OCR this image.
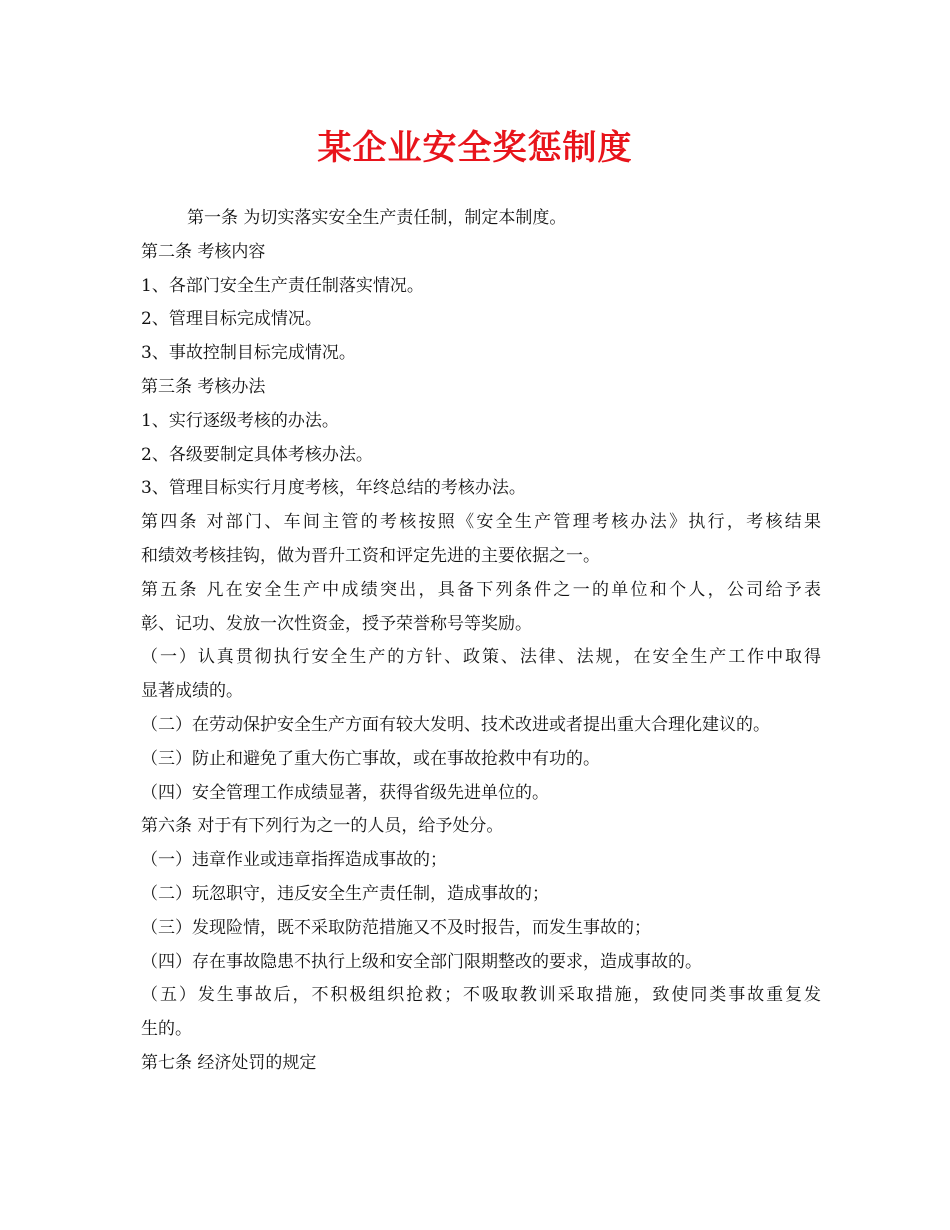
某企业安全奖惩制度
第一条 为切实落实安全生产责任制，制定本制度。
第二条 考核内容
1、各部门安全生产责任制落实情况。
2、管理目标完成情况。
3、事故控制目标完成情况。
第三条 考核办法
1、实行逐级考核的办法。
2、各级要制定具体考核办法。
3、管理目标实行月度考核，年终总结的考核办法。
第四条 对部门、车间主管的考核按照《安全生产管理考核办法》执行，考核结果
和绩效考核挂钩，做为晋升工资和评定先进的主要依据之一。
第五条 凡在安全生产中成绩突出，具备下列条件之一的单位和个人，公司给予表
彰、记功、发放一次性资金，授予荣誉称号等奖励。
（一）认真贯彻执行安全生产的方针、政策、法律、法规，在安全生产工作中取得
显著成绩的。
（二）在劳动保护安全生产方面有较大发明、技术改进或者提出重大合理化建议的。
（三）防止和避免了重大伤亡事故，或在事故抢救中有功的。
（四）安全管理工作成绩显著，获得省级先进单位的。
第六条 对于有下列行为之一的人员，给予处分。
（一）违章作业或违章指挥造成事故的；
（二）玩忽职守，违反安全生产责任制，造成事故的；
（三）发现险情，既不采取防范措施又不及时报告，而发生事故的；
（四）存在事故隐患不执行上级和安全部门限期整改的要求，造成事故的。
（五）发生事故后，不积极组织抢救；不吸取教训采取措施，致使同类事故重复发
生的。
第七条 经济处罚的规定
